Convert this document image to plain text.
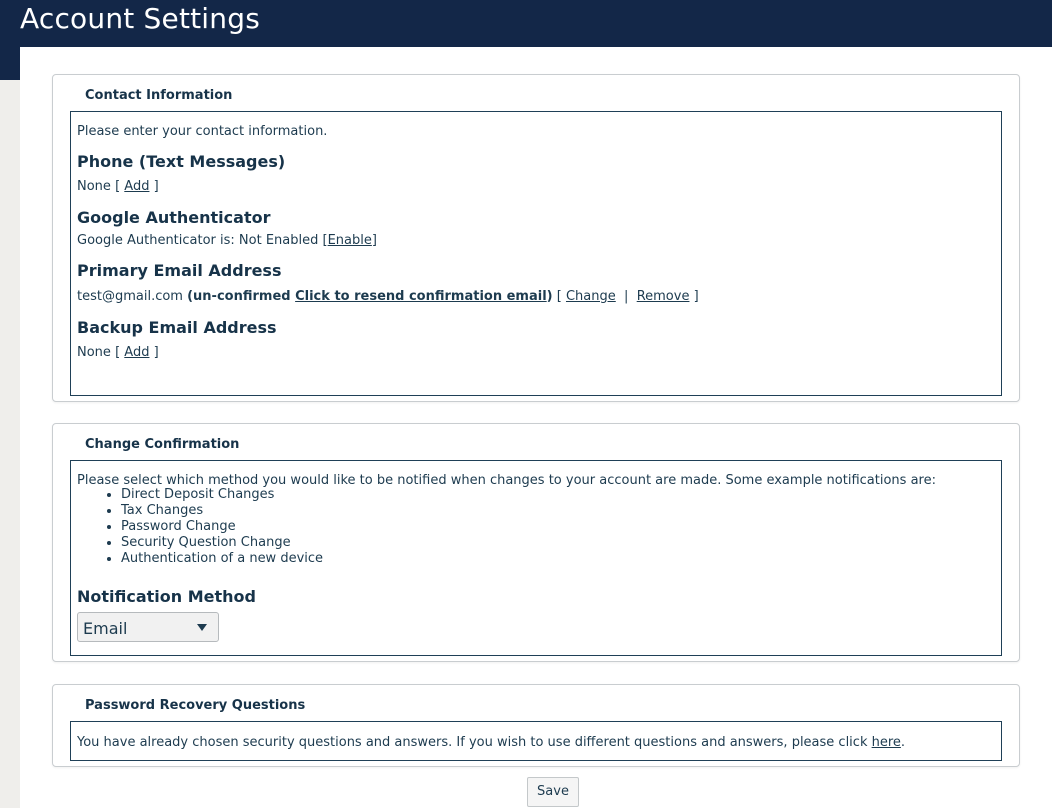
Account Settings
Contact Information
Please enter your contact information.
Phone (Text Messages)
None [ Add ]
Google Authenticator
Google Authenticator is: Not Enabled [Enable]
Primary Email Address
test@gmail.com (un-confirmed Click to resend confirmation email) [ Change | Remove ]
Backup Email Address
None [ Add ]
Change Confirmation
Please select which method you would like to be notified when changes to your account are made. Some example notifications are:
• Direct Deposit Changes
• Tax Changes
• Password Change
• Security Question Change
• Authentication of a new device
Notification Method
Email
Password Recovery Questions
You have already chosen security questions and answers. If you wish to use different questions and answers, please click here.
Save
